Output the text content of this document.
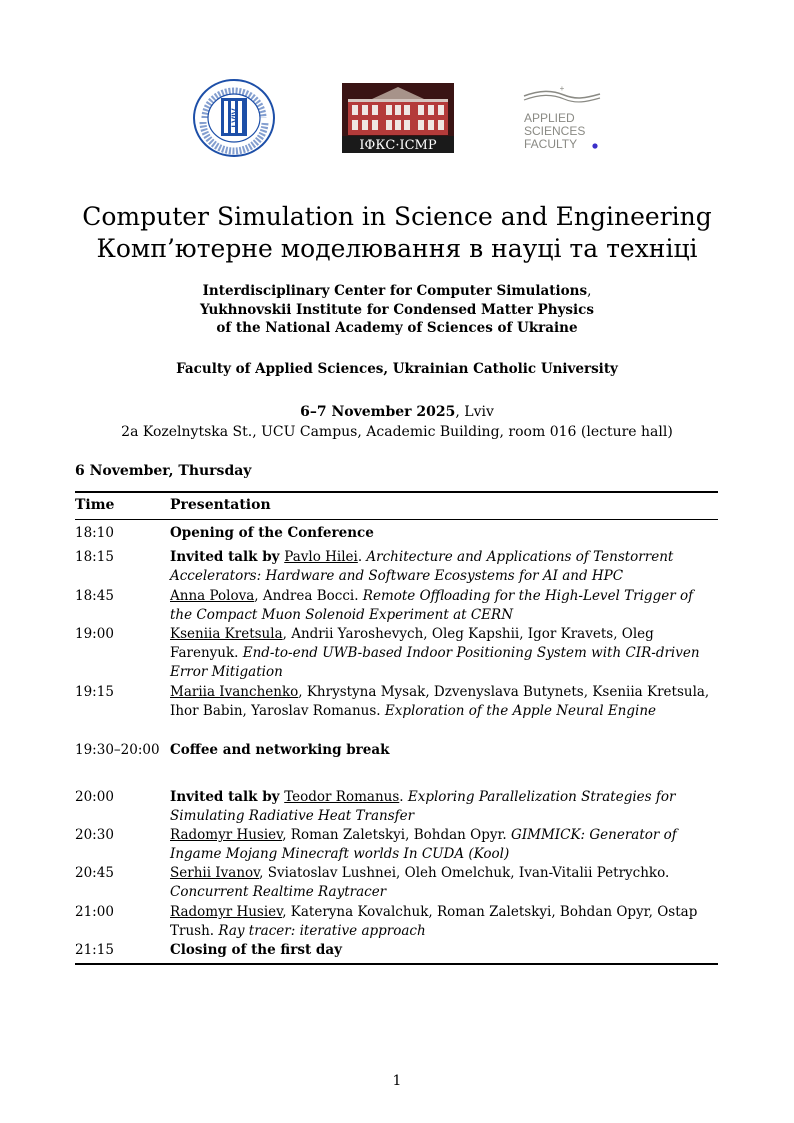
LVIV
ІФКС·ICMP
+
APPLIED
SCIENCES
FACULTY
Computer Simulation in Science and Engineering
Комп’ютерне моделювання в науці та техніці
Interdisciplinary Center for Computer Simulations,
Yukhnovskii Institute for Condensed Matter Physics
of the National Academy of Sciences of Ukraine
Faculty of Applied Sciences, Ukrainian Catholic University
6–7 November 2025, Lviv
2a Kozelnytska St., UCU Campus, Academic Building, room 016 (lecture hall)
6 November, Thursday
Time	Presentation
18:10	Opening of the Conference
18:15	Invited talk by Pavlo Hilei. Architecture and Applications of Tenstorrent Accelerators: Hardware and Software Ecosystems for AI and HPC
18:45	Anna Polova, Andrea Bocci. Remote Offloading for the High-Level Trigger of the Compact Muon Solenoid Experiment at CERN
19:00	Kseniia Kretsula, Andrii Yaroshevych, Oleg Kapshii, Igor Kravets, Oleg Farenyuk. End-to-end UWB-based Indoor Positioning System with CIR-driven Error Mitigation
19:15	Mariia Ivanchenko, Khrystyna Mysak, Dzvenyslava Butynets, Kseniia Kretsula, Ihor Babin, Yaroslav Romanus. Exploration of the Apple Neural Engine
19:30–20:00 Coffee and networking break
20:00	Invited talk by Teodor Romanus. Exploring Parallelization Strategies for Simulating Radiative Heat Transfer
20:30	Radomyr Husiev, Roman Zaletskyi, Bohdan Opyr. GIMMICK: Generator of Ingame Mojang Minecraft worlds In CUDA (Kool)
20:45	Serhii Ivanov, Sviatoslav Lushnei, Oleh Omelchuk, Ivan-Vitalii Petrychko. Concurrent Realtime Raytracer
21:00	Radomyr Husiev, Kateryna Kovalchuk, Roman Zaletskyi, Bohdan Opyr, Ostap Trush. Ray tracer: iterative approach
21:15	Closing of the first day
1
